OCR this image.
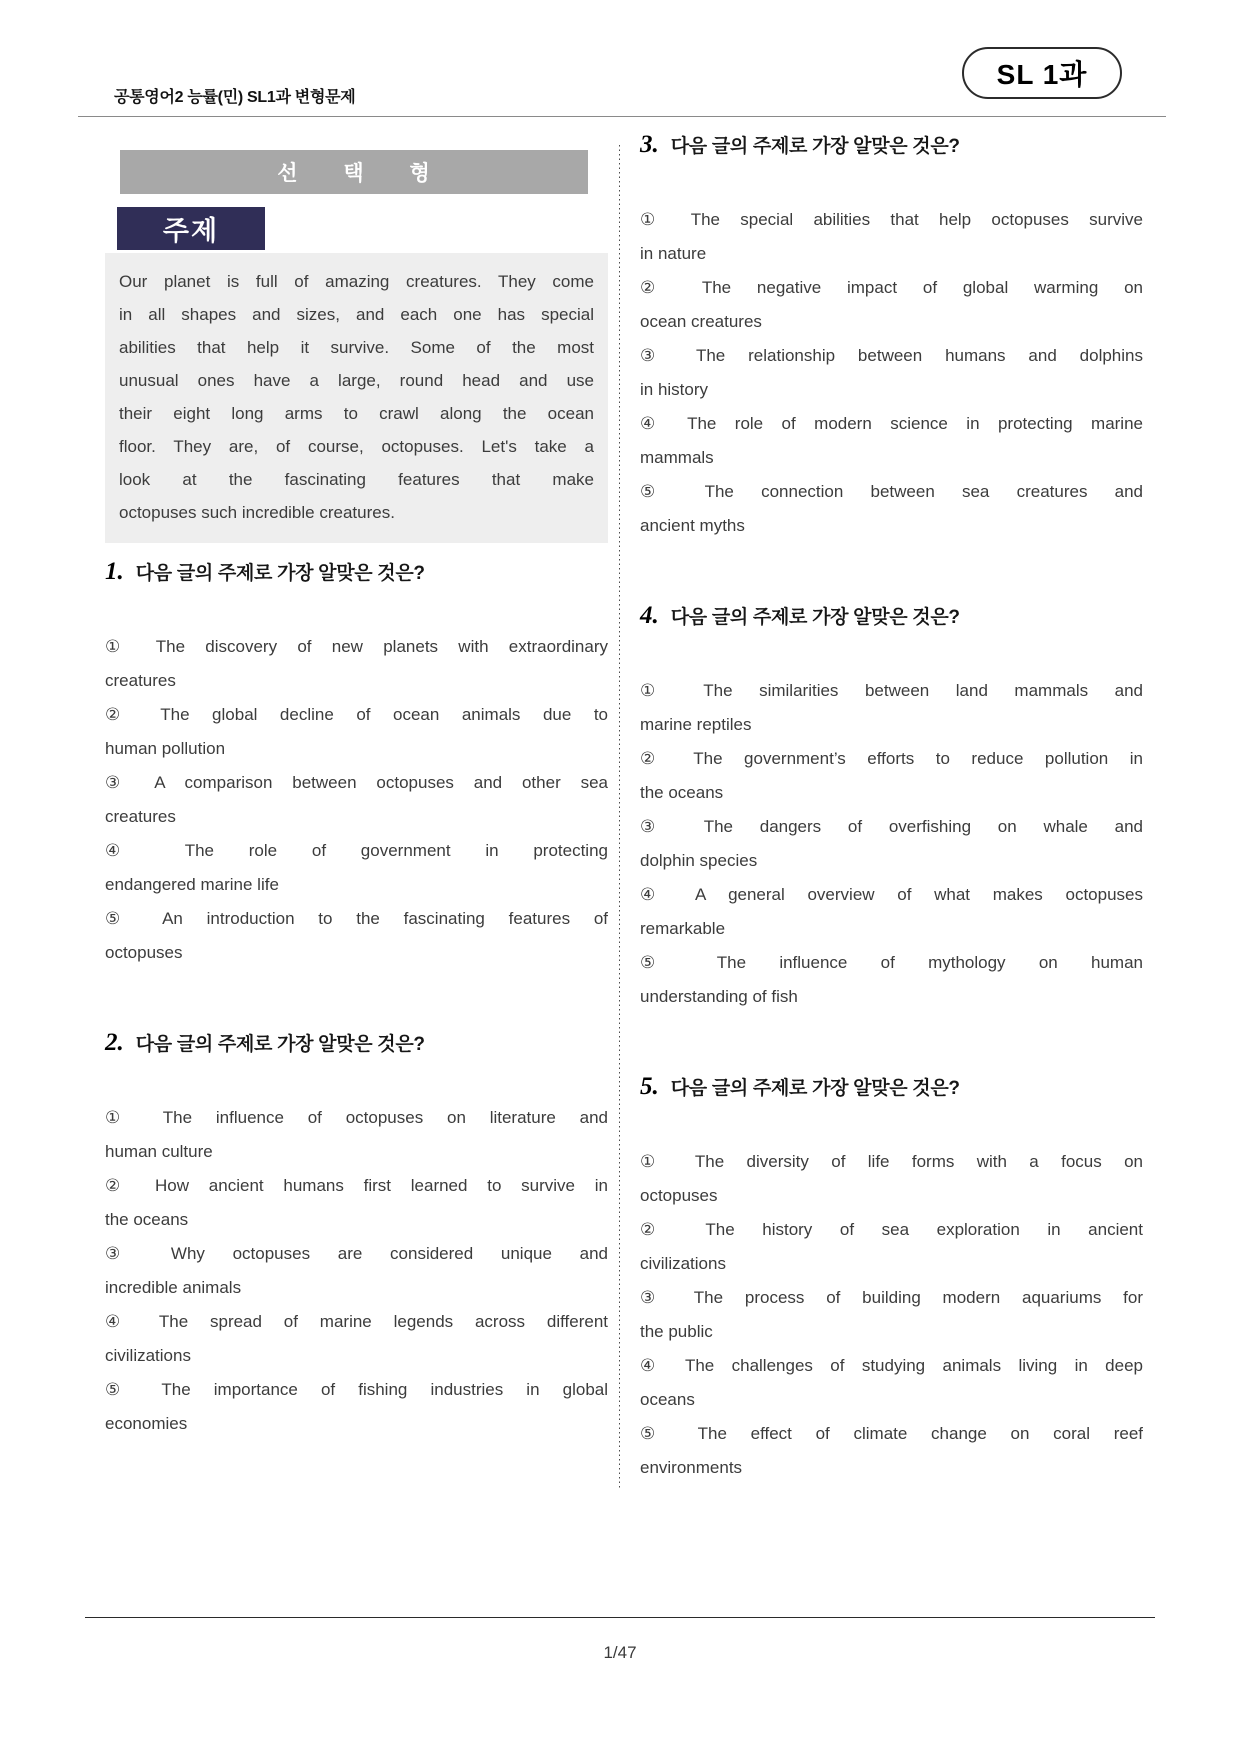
공통영어2 능률(민) SL1과 변형문제
SL 1과
선 택 형
주제
Our planet is full of amazing creatures. They come
in all shapes and sizes, and each one has special
abilities that help it survive. Some of the most
unusual ones have a large, round head and use
their eight long arms to crawl along the ocean
floor. They are, of course, octopuses. Let's take a
look at the fascinating features that make
octopuses such incredible creatures.
1. 다음 글의 주제로 가장 알맞은 것은?
① The discovery of new planets with extraordinary
creatures
② The global decline of ocean animals due to
human pollution
③ A comparison between octopuses and other sea
creatures
④ The role of government in protecting
endangered marine life
⑤ An introduction to the fascinating features of
octopuses
2. 다음 글의 주제로 가장 알맞은 것은?
① The influence of octopuses on literature and
human culture
② How ancient humans first learned to survive in
the oceans
③ Why octopuses are considered unique and
incredible animals
④ The spread of marine legends across different
civilizations
⑤ The importance of fishing industries in global
economies
3. 다음 글의 주제로 가장 알맞은 것은?
① The special abilities that help octopuses survive
in nature
② The negative impact of global warming on
ocean creatures
③ The relationship between humans and dolphins
in history
④ The role of modern science in protecting marine
mammals
⑤ The connection between sea creatures and
ancient myths
4. 다음 글의 주제로 가장 알맞은 것은?
① The similarities between land mammals and
marine reptiles
② The government’s efforts to reduce pollution in
the oceans
③ The dangers of overfishing on whale and
dolphin species
④ A general overview of what makes octopuses
remarkable
⑤ The influence of mythology on human
understanding of fish
5. 다음 글의 주제로 가장 알맞은 것은?
① The diversity of life forms with a focus on
octopuses
② The history of sea exploration in ancient
civilizations
③ The process of building modern aquariums for
the public
④ The challenges of studying animals living in deep
oceans
⑤ The effect of climate change on coral reef
environments
1/47
